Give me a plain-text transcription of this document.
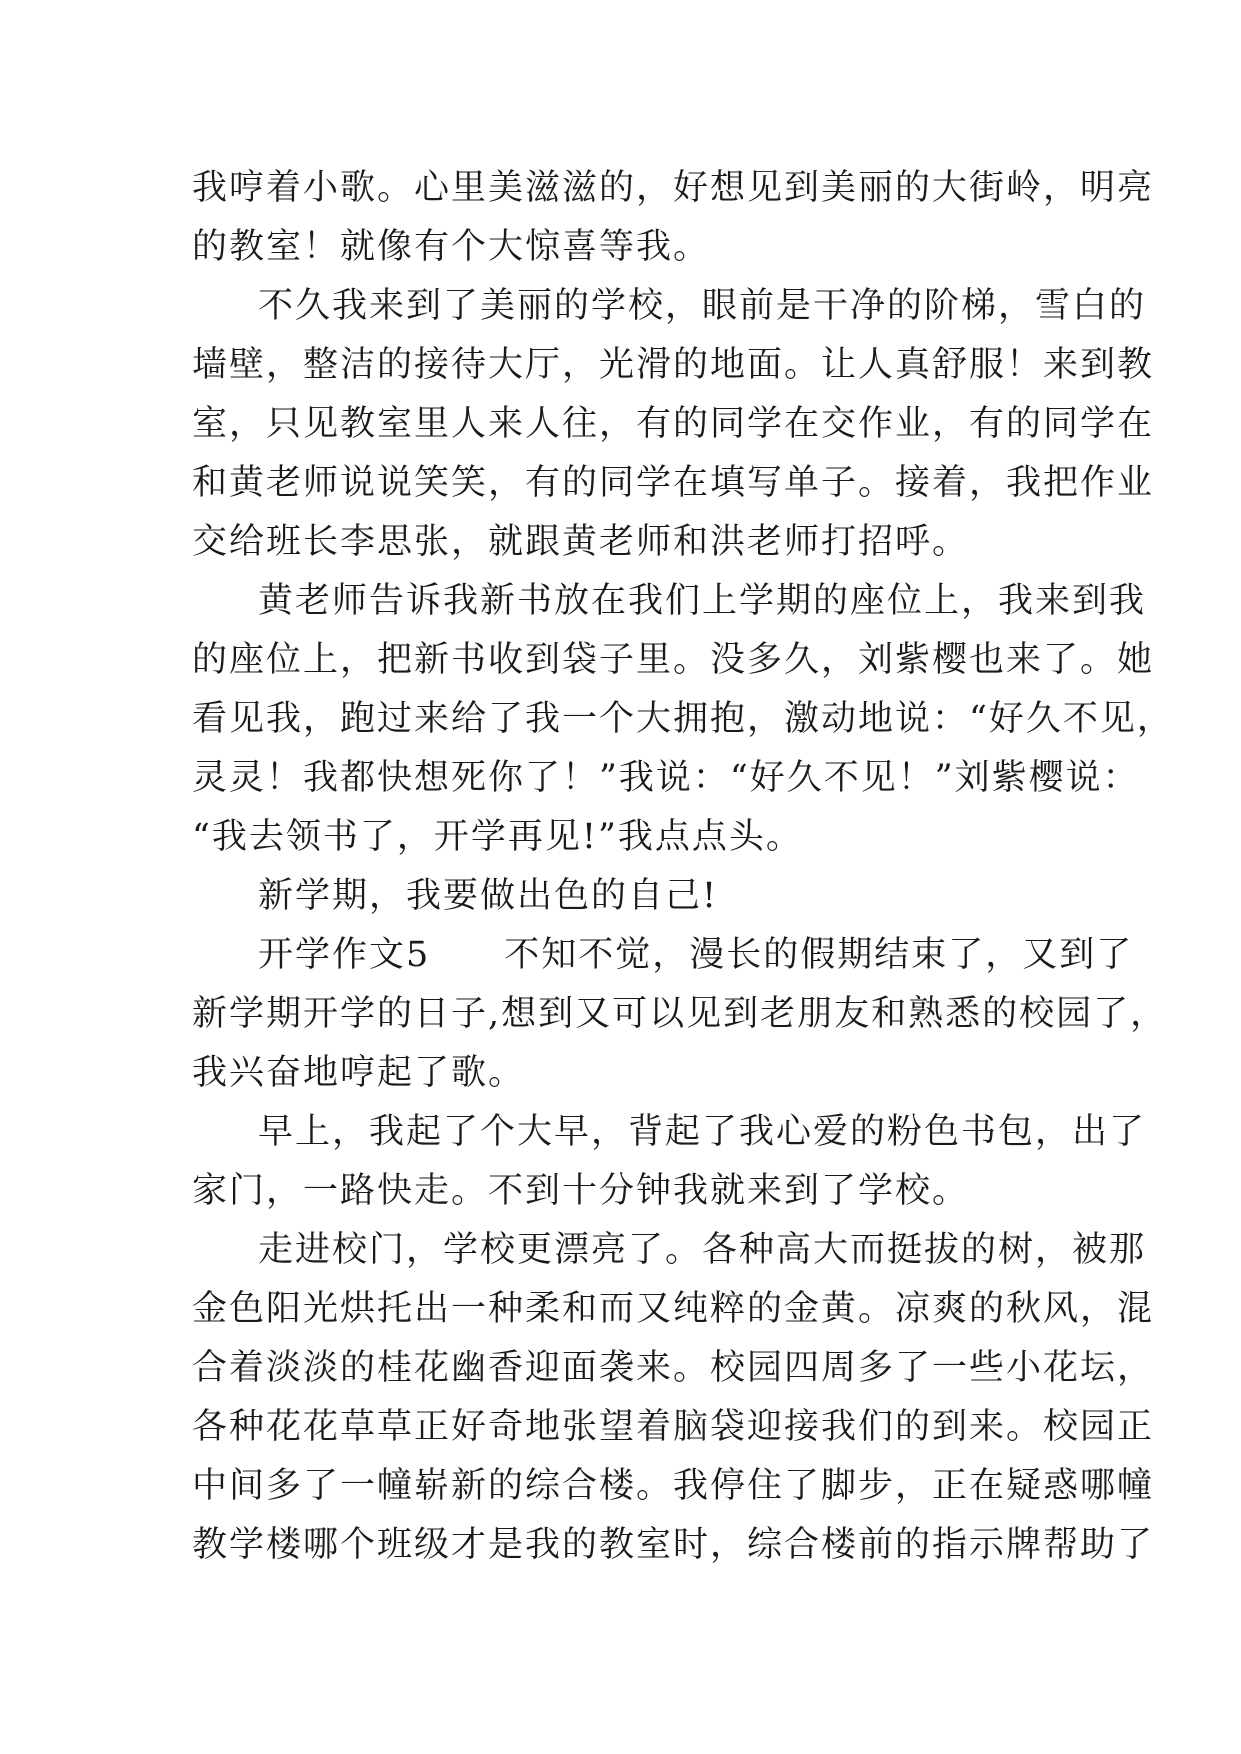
我哼着小歌。心里美滋滋的，好想见到美丽的大街岭，明亮
的教室！就像有个大惊喜等我。
不久我来到了美丽的学校，眼前是干净的阶梯，雪白的
墙壁，整洁的接待大厅，光滑的地面。让人真舒服！来到教
室，只见教室里人来人往，有的同学在交作业，有的同学在
和黄老师说说笑笑，有的同学在填写单子。接着，我把作业
交给班长李思张，就跟黄老师和洪老师打招呼。
黄老师告诉我新书放在我们上学期的座位上，我来到我
的座位上，把新书收到袋子里。没多久，刘紫樱也来了。她
看见我，跑过来给了我一个大拥抱，激动地说：“好久不见，
灵灵！我都快想死你了！”我说：“好久不见！”刘紫樱说：
“我去领书了，开学再见!”我点点头。
新学期，我要做出色的自己!
开学作文5　　不知不觉，漫长的假期结束了，又到了
新学期开学的日子,想到又可以见到老朋友和熟悉的校园了，
我兴奋地哼起了歌。
早上，我起了个大早，背起了我心爱的粉色书包，出了
家门，一路快走。不到十分钟我就来到了学校。
走进校门，学校更漂亮了。各种高大而挺拔的树，被那
金色阳光烘托出一种柔和而又纯粹的金黄。凉爽的秋风，混
合着淡淡的桂花幽香迎面袭来。校园四周多了一些小花坛，
各种花花草草正好奇地张望着脑袋迎接我们的到来。校园正
中间多了一幢崭新的综合楼。我停住了脚步，正在疑惑哪幢
教学楼哪个班级才是我的教室时，综合楼前的指示牌帮助了
